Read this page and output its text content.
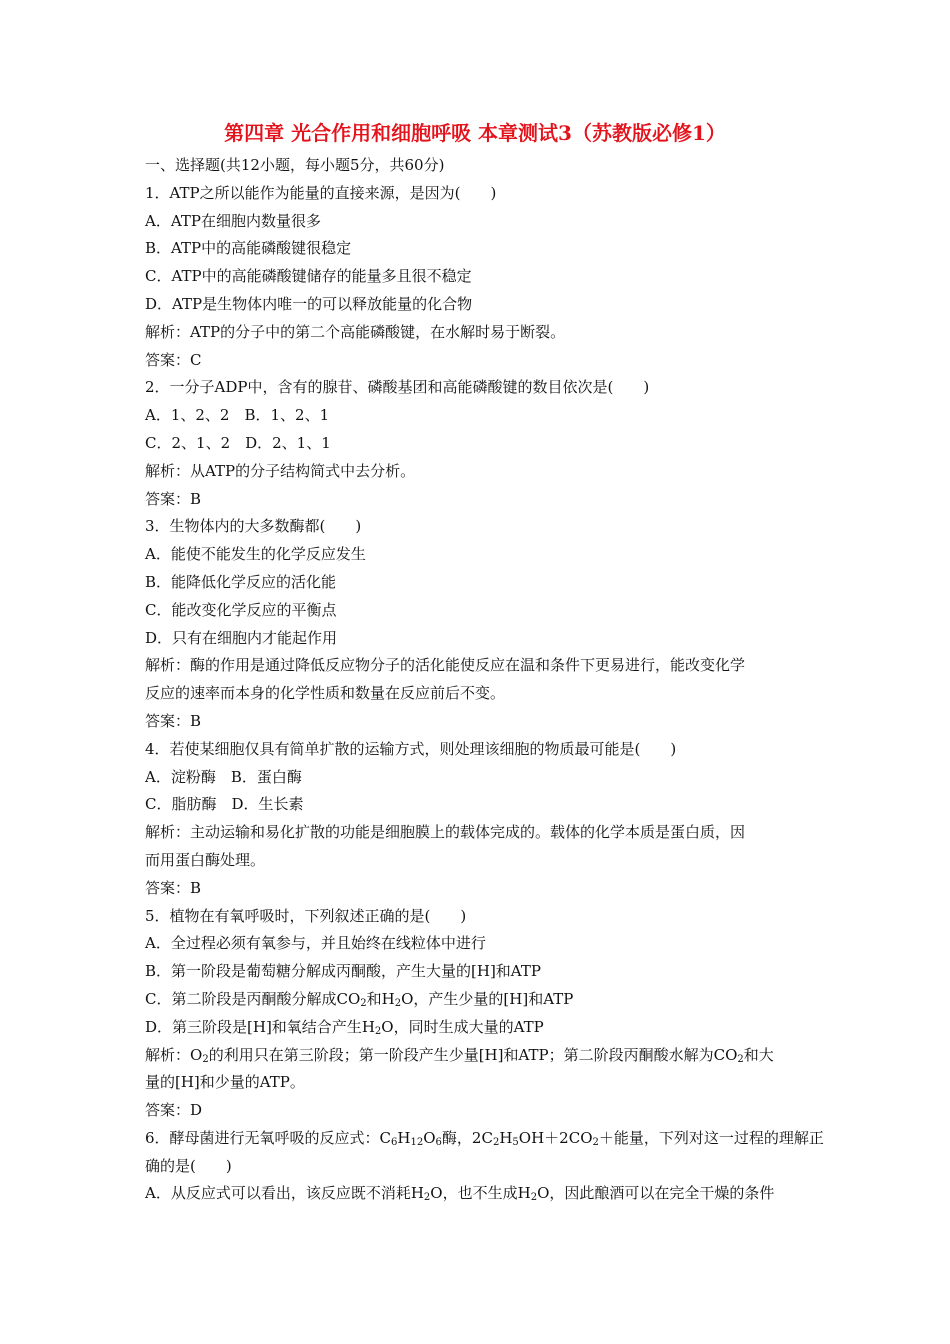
第四章 光合作用和细胞呼吸 本章测试3（苏教版必修1）
一、选择题(共12小题，每小题5分，共60分)
1．ATP之所以能作为能量的直接来源，是因为(　　)
A．ATP在细胞内数量很多
B．ATP中的高能磷酸键很稳定
C．ATP中的高能磷酸键储存的能量多且很不稳定
D．ATP是生物体内唯一的可以释放能量的化合物
解析：ATP的分子中的第二个高能磷酸键，在水解时易于断裂。
答案：C
2．一分子ADP中，含有的腺苷、磷酸基团和高能磷酸键的数目依次是(　　)
A．1、2、2　B．1、2、1
C．2、1、2　D．2、1、1
解析：从ATP的分子结构简式中去分析。
答案：B
3．生物体内的大多数酶都(　　)
A．能使不能发生的化学反应发生
B．能降低化学反应的活化能
C．能改变化学反应的平衡点
D．只有在细胞内才能起作用
解析：酶的作用是通过降低反应物分子的活化能使反应在温和条件下更易进行，能改变化学
反应的速率而本身的化学性质和数量在反应前后不变。
答案：B
4．若使某细胞仅具有简单扩散的运输方式，则处理该细胞的物质最可能是(　　)
A．淀粉酶　B．蛋白酶
C．脂肪酶　D．生长素
解析：主动运输和易化扩散的功能是细胞膜上的载体完成的。载体的化学本质是蛋白质，因
而用蛋白酶处理。
答案：B
5．植物在有氧呼吸时，下列叙述正确的是(　　)
A．全过程必须有氧参与，并且始终在线粒体中进行
B．第一阶段是葡萄糖分解成丙酮酸，产生大量的[H]和ATP
C．第二阶段是丙酮酸分解成$CO_2$和$H_2O$，产生少量的[H]和ATP
D．第三阶段是[H]和氧结合产生$H_2O$，同时生成大量的ATP
解析：$O_2$的利用只在第三阶段；第一阶段产生少量[H]和ATP；第二阶段丙酮酸水解为$CO_2$和大
量的[H]和少量的ATP。
答案：D
6．酵母菌进行无氧呼吸的反应式：$C_6H_{12}O_6$酶，$2C_2H_5OH+2CO_2+$能量，下列对这一过程的理解正
确的是(　　)
A．从反应式可以看出，该反应既不消耗$H_2O$，也不生成$H_2O$，因此酿酒可以在完全干燥的条件
